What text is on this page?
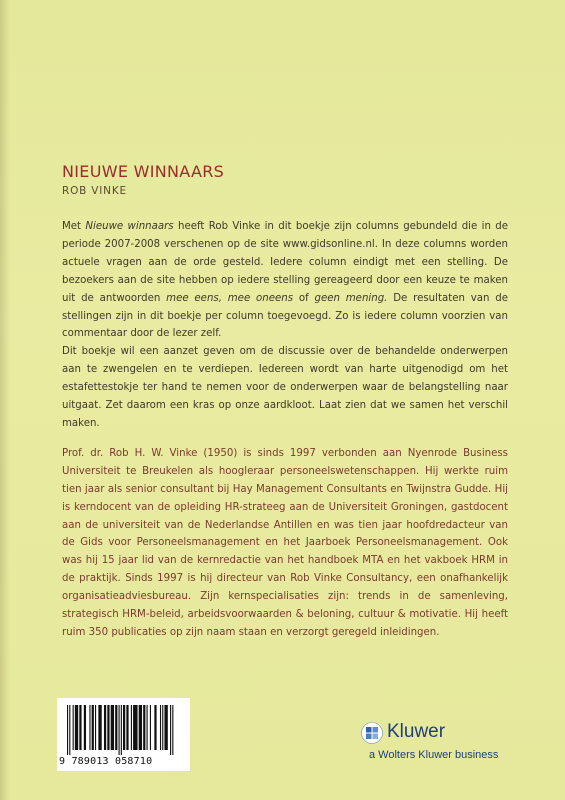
NIEUWE WINNAARS
ROB VINKE

Met Nieuwe winnaars heeft Rob Vinke in dit boekje zijn columns gebundeld die in de periode 2007-2008 verschenen op de site www.gidsonline.nl. In deze columns worden actuele vragen aan de orde gesteld. Iedere column eindigt met een stelling. De bezoekers aan de site hebben op iedere stelling gereageerd door een keuze te maken uit de antwoorden mee eens, mee oneens of geen mening. De resultaten van de stellingen zijn in dit boekje per column toegevoegd. Zo is iedere column voorzien van commentaar door de lezer zelf.

Dit boekje wil een aanzet geven om de discussie over de behandelde onderwerpen aan te zwengelen en te verdiepen. Iedereen wordt van harte uitgenodigd om het estafettestokje ter hand te nemen voor de onderwerpen waar de belangstelling naar uitgaat. Zet daarom een kras op onze aardkloot. Laat zien dat we samen het verschil maken.

Prof. dr. Rob H. W. Vinke (1950) is sinds 1997 verbonden aan Nyenrode Business Universiteit te Breukelen als hoogleraar personeelswetenschappen. Hij werkte ruim tien jaar als senior consultant bij Hay Management Consultants en Twijnstra Gudde. Hij is kerndocent van de opleiding HR-strateeg aan de Universiteit Groningen, gastdocent aan de universiteit van de Nederlandse Antillen en was tien jaar hoofdredacteur van de Gids voor Personeelsmanagement en het Jaarboek Personeelsmanagement. Ook was hij 15 jaar lid van de kernredactie van het handboek MTA en het vakboek HRM in de praktijk. Sinds 1997 is hij directeur van Rob Vinke Consultancy, een onafhankelijk organisatieadviesbureau. Zijn kernspecialisaties zijn: trends in de samenleving, strategisch HRM-beleid, arbeidsvoorwaarden & beloning, cultuur & motivatie. Hij heeft ruim 350 publicaties op zijn naam staan en verzorgt geregeld inleidingen.

9 789013 058710
Kluwer
a Wolters Kluwer business
